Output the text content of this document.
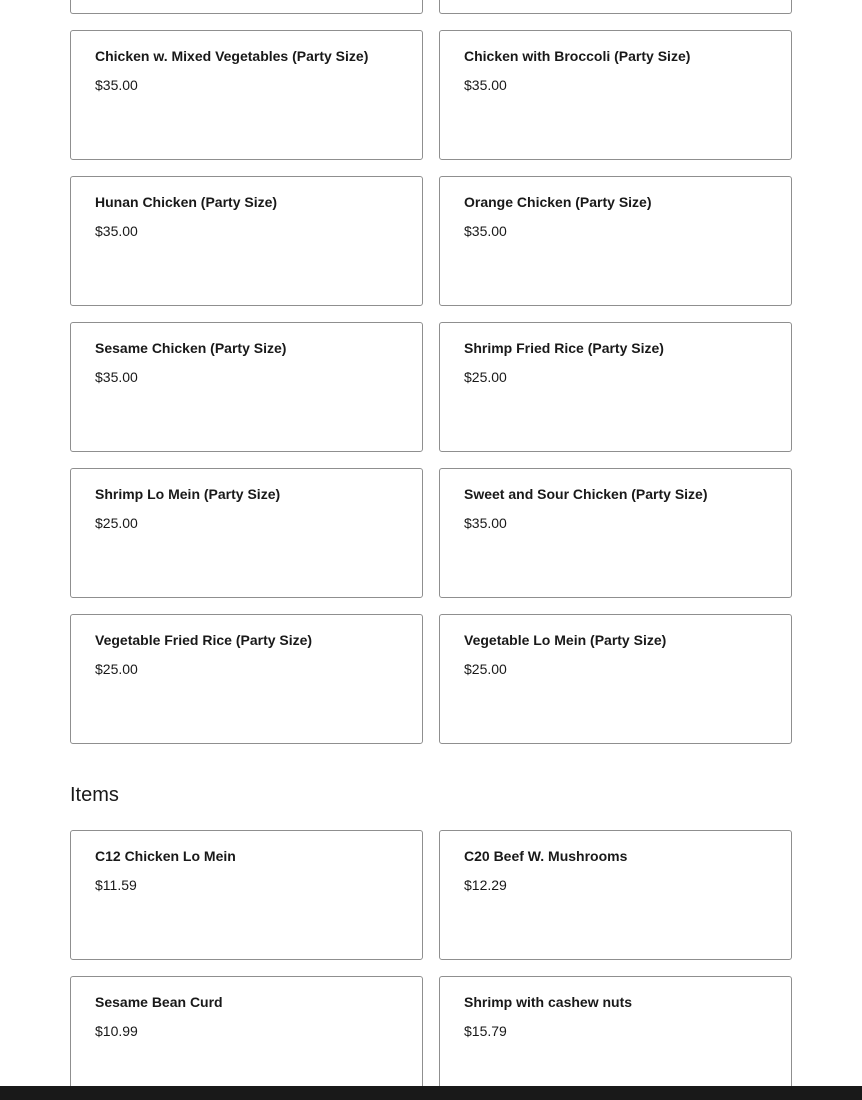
Chicken w. Mixed Vegetables (Party Size)

$35.00

Chicken with Broccoli (Party Size)

$35.00

Hunan Chicken (Party Size)

$35.00

Orange Chicken (Party Size)

$35.00

Sesame Chicken (Party Size)

$35.00

Shrimp Fried Rice (Party Size)

$25.00

Shrimp Lo Mein (Party Size)

$25.00

Sweet and Sour Chicken (Party Size)

$35.00

Vegetable Fried Rice (Party Size)

$25.00

Vegetable Lo Mein (Party Size)

$25.00
Items

C12 Chicken Lo Mein

$11.59

C20 Beef W. Mushrooms

$12.29

Sesame Bean Curd

$10.99

Shrimp with cashew nuts

$15.79
